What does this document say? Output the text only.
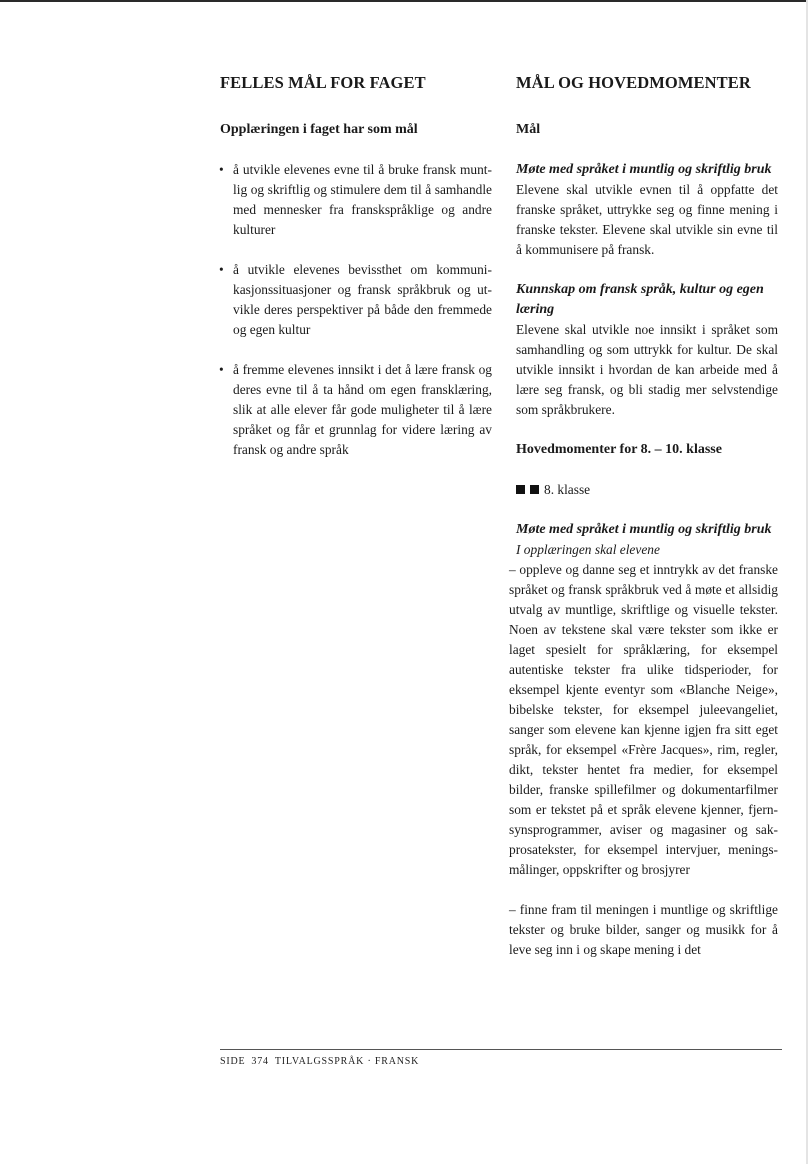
FELLES MÅL FOR FAGET
Opplæringen i faget har som mål
• å utvikle elevenes evne til å bruke fransk muntlig og skriftlig og stimulere dem til å samhandle med mennesker fra franskspråklige og andre kulturer
• å utvikle elevenes bevissthet om kommunikasjonssituasjoner og fransk språkbruk og utvikle deres perspektiver på både den fremmede og egen kultur
• å fremme elevenes innsikt i det å lære fransk og deres evne til å ta hånd om egen fransklæring, slik at alle elever får gode muligheter til å lære språket og får et grunnlag for videre læring av fransk og andre språk
MÅL OG HOVEDMOMENTER
Mål
Møte med språket i muntlig og skriftlig bruk

Elevene skal utvikle evnen til å oppfatte det franske språket, uttrykke seg og finne mening i franske tekster. Elevene skal utvikle sin evne til å kommunisere på fransk.

Kunnskap om fransk språk, kultur og egen læring

Elevene skal utvikle noe innsikt i språket som samhandling og som uttrykk for kultur. De skal utvikle innsikt i hvordan de kan arbeide med å lære seg fransk, og bli stadig mer selvstendige som språkbrukere.

Hovedmomenter for 8. – 10. klasse
8. klasse
Møte med språket i muntlig og skriftlig bruk
I opplæringen skal elevene
– oppleve og danne seg et inntrykk av det franske språket og fransk språkbruk ved å møte et allsidig utvalg av muntlige, skriftlige og visuelle tekster. Noen av tekstene skal være tekster som ikke er laget spesielt for språklæring, for eksempel autentiske tekster fra ulike tidsperioder, for eksempel kjente eventyr som «Blanche Neige», bibelske tekster, for eksempel juleevangeliet, sanger som elevene kan kjenne igjen fra sitt eget språk, for eksempel «Frère Jacques», rim, regler, dikt, tekster hentet fra medier, for eksempel bilder, franske spillefilmer og dokumentarfilmer som er tekstet på et språk elevene kjenner, fjernsynsprogrammer, aviser og magasiner og sakprosatekster, for eksempel intervjuer, meningsmålinger, oppskrifter og brosjyrer
– finne fram til meningen i muntlige og skriftlige tekster og bruke bilder, sanger og musikk for å leve seg inn i og skape mening i det
SIDE 374 TILVALGSSPRÅK · FRANSK
